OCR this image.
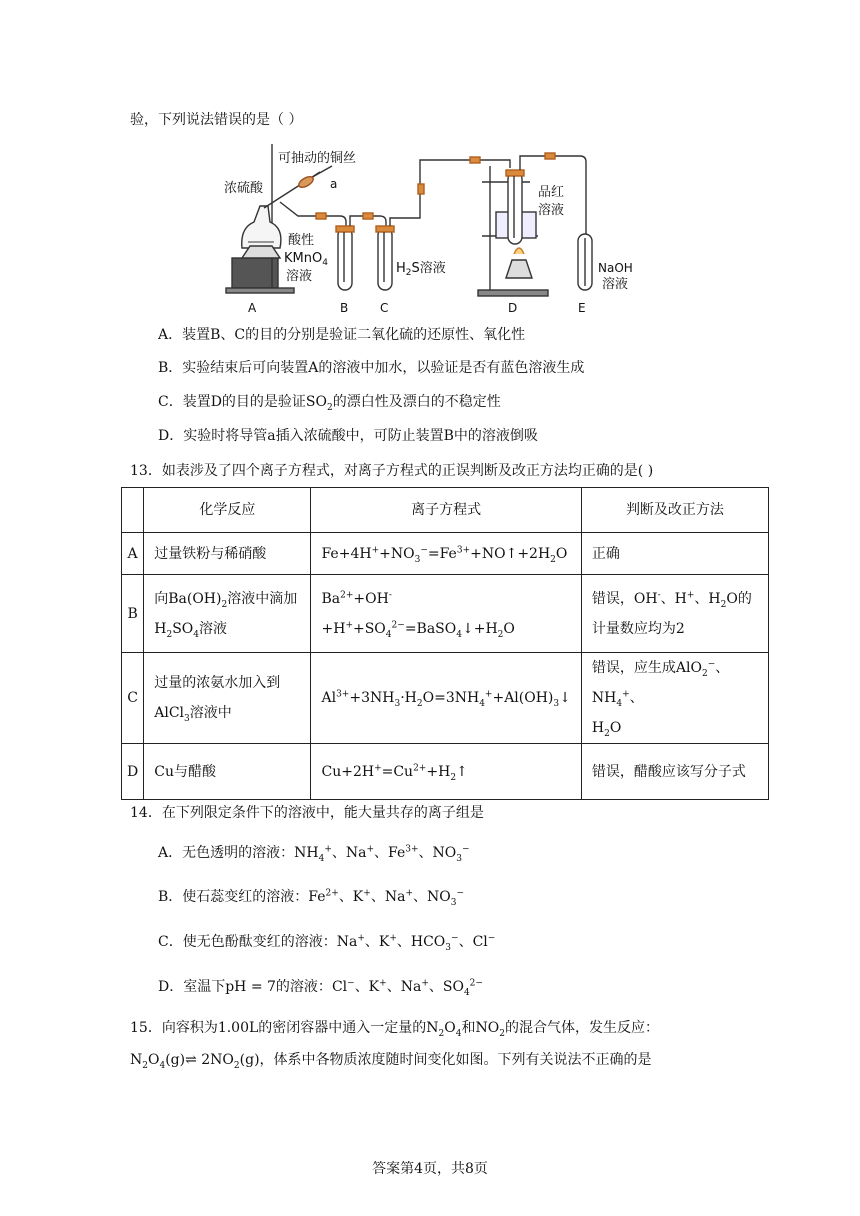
验，下列说法错误的是（ ）
可抽动的铜丝
a
浓硫酸
酸性
KMnO$_4$
溶液
$H_2S$溶液
品红
溶液
NaOH
溶液
A	B	C	D	E
A．装置B、C的目的分别是验证二氧化硫的还原性、氧化性
B．实验结束后可向装置A的溶液中加水，以验证是否有蓝色溶液生成
C．装置D的目的是验证$SO_2$的漂白性及漂白的不稳定性
D．实验时将导管a插入浓硫酸中，可防止装置B中的溶液倒吸
13．如表涉及了四个离子方程式，对离子方程式的正误判断及改正方法均正确的是( )
	化学反应	离子方程式	判断及改正方法
A	过量铁粉与稀硝酸	$Fe+4H^++NO_3^-=Fe^{3+}+NO↑+2H_2O$	正确
B	向$Ba(OH)_2$溶液中滴加
$H_2SO_4$溶液	$Ba^{2+}+OH^-+H^++SO_4^{2-}=BaSO_4↓+H_2O$	错误，OH-、H+、$H_2O$的计量数应均为2
C	过量的浓氨水加入到
AlCl$_3$溶液中	$Al^{3+}+3NH_3\cdot H_2O=3NH_4^++Al(OH)_3↓$	错误，应生成AlO$_2$−、$NH_4^+$、
$H_2O$
D	Cu与醋酸	$Cu+2H^+=Cu^{2+}+H_2↑$	错误，醋酸应该写分子式
14．在下列限定条件下的溶液中，能大量共存的离子组是
A．无色透明的溶液：$NH_4^+$、Na+、$Fe^{3+}$、$NO_3^-$
B．使石蕊变红的溶液：$Fe^{2+}$、K+、Na+、$NO_3^-$
C．使无色酚酞变红的溶液：Na+、K+、$HCO_3^-$、Cl−
D．室温下pH = 7的溶液：Cl−、K+、Na+、$SO_4^{2-}$
15．向容积为1.00L的密闭容器中通入一定量的$N_2O_4$和$NO_2$的混合气体，发生反应：
$N_2O_4(g)\rightleftharpoons$ $2NO_2(g)$，体系中各物质浓度随时间变化如图。下列有关说法不正确的是
答案第4页，共8页
